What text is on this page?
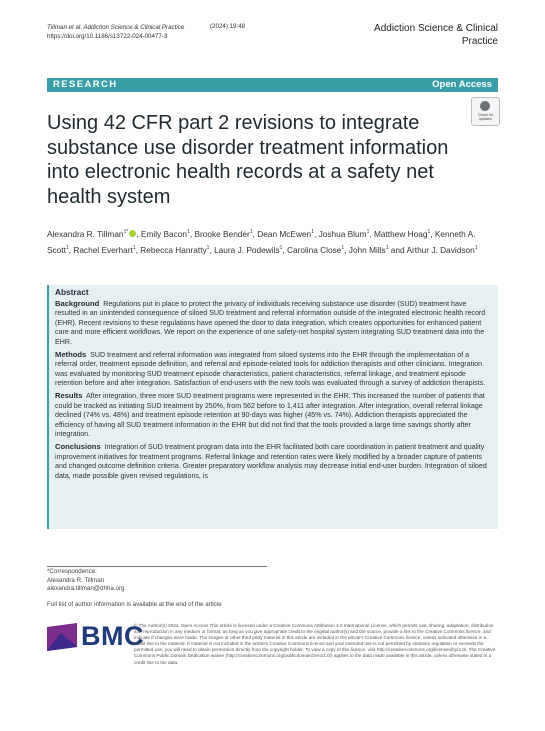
Tillman et al. Addiction Science & Clinical Practice
https://doi.org/10.1186/s13722-024-00477-3
(2024) 19:48	Addiction Science & Clinical Practice
RESEARCH	Open Access
Check for updates
Using 42 CFR part 2 revisions to integrate substance use disorder treatment information into electronic health records at a safety net health system
Alexandra R. Tillman$^{1*}$ , Emily Bacon$^1$, Brooke Bender$^1$, Dean McEwen$^1$, Joshua Blum$^1$, Matthew Hoag$^1$, Kenneth A. Scott$^1$, Rachel Everhart$^1$, Rebecca Hanratty$^1$, Laura J. Podewils$^1$, Carolina Close$^1$, John Mills$^1$ and Arthur J. Davidson$^1$
Abstract

Background Regulations put in place to protect the privacy of individuals receiving substance use disorder (SUD) treatment have resulted in an unintended consequence of siloed SUD treatment and referral information outside of the integrated electronic health record (EHR). Recent revisions to these regulations have opened the door to data integration, which creates opportunities for enhanced patient care and more efficient workflows. We report on the experience of one safety-net hospital system integrating SUD treatment data into the EHR.

Methods SUD treatment and referral information was integrated from siloed systems into the EHR through the implementation of a referral order, treatment episode definition, and referral and episode-related tools for addiction therapists and other clinicians. Integration was evaluated by monitoring SUD treatment episode characteristics, patient characteristics, referral linkage, and treatment episode retention before and after integration. Satisfaction of end-users with the new tools was evaluated through a survey of addiction therapists.

Results After integration, three more SUD treatment programs were represented in the EHR. This increased the number of patients that could be tracked as initiating SUD treatment by 250%, from 562 before to 1,411 after integration. After integration, overall referral linkage declined (74% vs. 48%) and treatment episode retention at 90-days was higher (45% vs. 74%). Addiction therapists appreciated the efficiency of having all SUD treatment information in the EHR but did not find that the tools provided a large time savings shortly after integration.

Conclusions Integration of SUD treatment program data into the EHR facilitated both care coordination in patient treatment and quality improvement initiatives for treatment programs. Referral linkage and retention rates were likely modified by a broader capture of patients and changed outcome definition criteria. Greater preparatory workflow analysis may decrease initial end-user burden. Integration of siloed data, made possible given revised regulations, is

*Correspondence:
Alexandra R. Tillman
alexandra.tillman@dhha.org
Full list of author information is available at the end of the article
BMC
© The Author(s) 2024. Open Access This article is licensed under a Creative Commons Attribution 4.0 International License, which permits use, sharing, adaptation, distribution and reproduction in any medium or format, as long as you give appropriate credit to the original author(s) and the source, provide a link to the Creative Commons licence, and indicate if changes were made. The images or other third party material in this article are included in the article's Creative Commons licence, unless indicated otherwise in a credit line to the material. If material is not included in the article's Creative Commons licence and your intended use is not permitted by statutory regulation or exceeds the permitted use, you will need to obtain permission directly from the copyright holder. To view a copy of this licence, visit http://creativecommons.org/licenses/by/4.0/. The Creative Commons Public Domain Dedication waiver (http://creativecommons.org/publicdomain/zero/1.0/) applies to the data made available in this article, unless otherwise stated in a credit line to the data.
